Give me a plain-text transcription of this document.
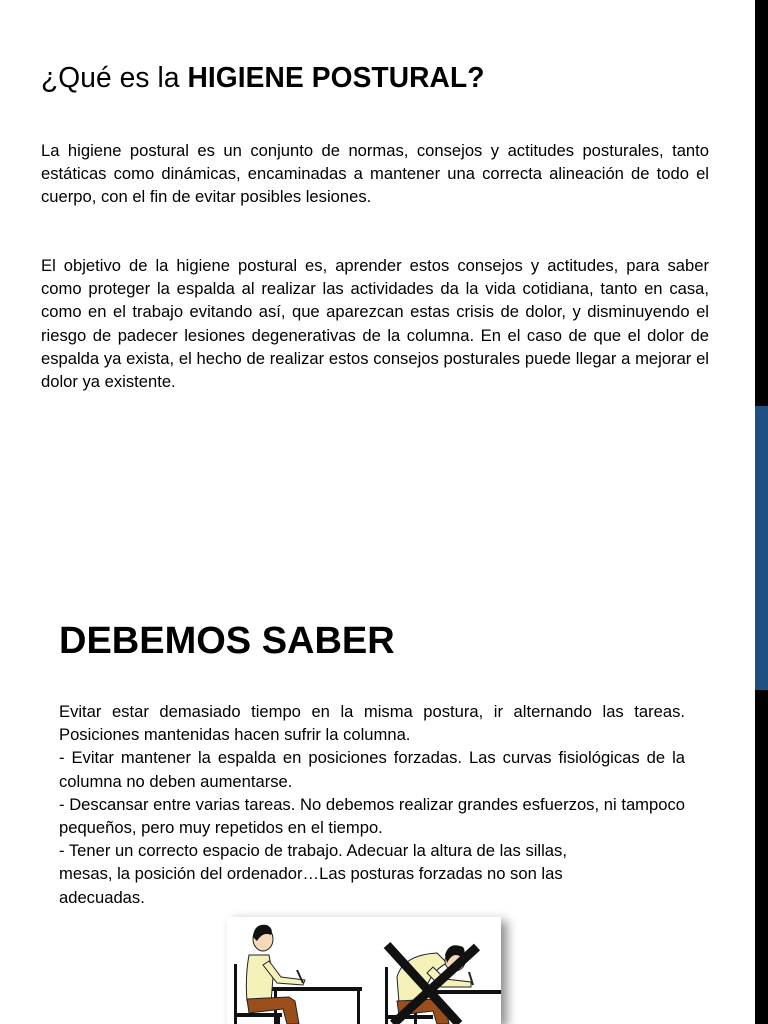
¿Qué es la HIGIENE POSTURAL?

La higiene postural es un conjunto de normas, consejos y actitudes posturales, tanto estáticas como dinámicas, encaminadas a mantener una correcta alineación de todo el cuerpo, con el fin de evitar posibles lesiones.

El objetivo de la higiene postural es, aprender estos consejos y actitudes, para saber como proteger la espalda al realizar las actividades da la vida cotidiana, tanto en casa, como en el trabajo evitando así, que aparezcan estas crisis de dolor, y disminuyendo el riesgo de padecer lesiones degenerativas de la columna. En el caso de que el dolor de espalda ya exista, el hecho de realizar estos consejos posturales puede llegar a mejorar el dolor ya existente.

DEBEMOS SABER

Evitar estar demasiado tiempo en la misma postura, ir alternando las tareas. Posiciones mantenidas hacen sufrir la columna.

- Evitar mantener la espalda en posiciones forzadas. Las curvas fisiológicas de la columna no deben aumentarse.

- Descansar entre varias tareas. No debemos realizar grandes esfuerzos, ni tampoco pequeños, pero muy repetidos en el tiempo.

- Tener un correcto espacio de trabajo. Adecuar la altura de las sillas, mesas, la posición del ordenador…Las posturas forzadas no son las adecuadas.
